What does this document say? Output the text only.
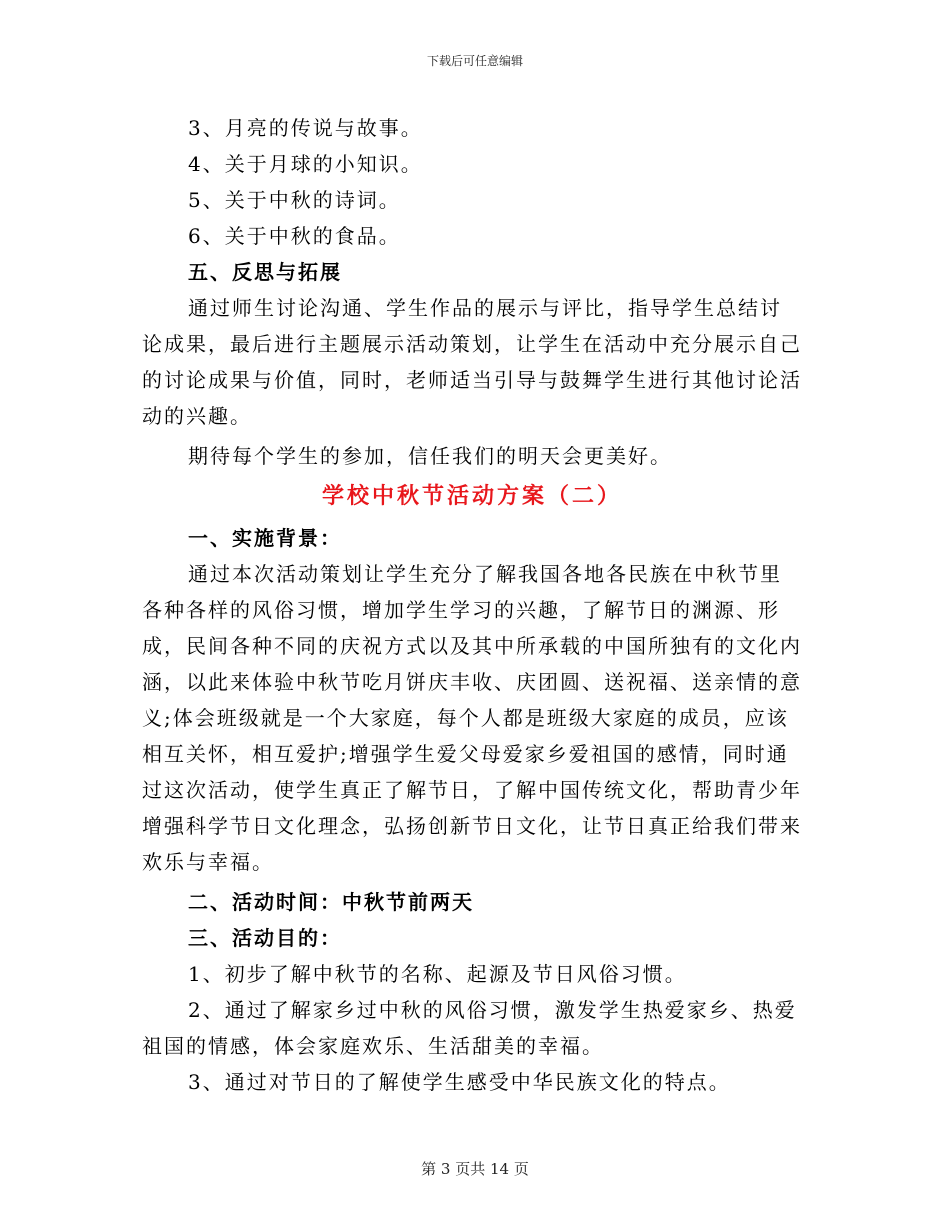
下载后可任意编辑

3、月亮的传说与故事。

4、关于月球的小知识。

5、关于中秋的诗词。

6、关于中秋的食品。

五、反思与拓展

通过师生讨论沟通、学生作品的展示与评比，指导学生总结讨论成果，最后进行主题展示活动策划，让学生在活动中充分展示自己的讨论成果与价值，同时，老师适当引导与鼓舞学生进行其他讨论活动的兴趣。

期待每个学生的参加，信任我们的明天会更美好。

学校中秋节活动方案（二）

一、实施背景：

通过本次活动策划让学生充分了解我国各地各民族在中秋节里各种各样的风俗习惯，增加学生学习的兴趣，了解节日的渊源、形成，民间各种不同的庆祝方式以及其中所承载的中国所独有的文化内涵，以此来体验中秋节吃月饼庆丰收、庆团圆、送祝福、送亲情的意义;体会班级就是一个大家庭，每个人都是班级大家庭的成员，应该相互关怀，相互爱护;增强学生爱父母爱家乡爱祖国的感情，同时通过这次活动，使学生真正了解节日，了解中国传统文化，帮助青少年增强科学节日文化理念，弘扬创新节日文化，让节日真正给我们带来欢乐与幸福。

二、活动时间：中秋节前两天

三、活动目的：

1、初步了解中秋节的名称、起源及节日风俗习惯。

2、通过了解家乡过中秋的风俗习惯，激发学生热爱家乡、热爱祖国的情感，体会家庭欢乐、生活甜美的幸福。

3、通过对节日的了解使学生感受中华民族文化的特点。

第 3 页共 14 页
